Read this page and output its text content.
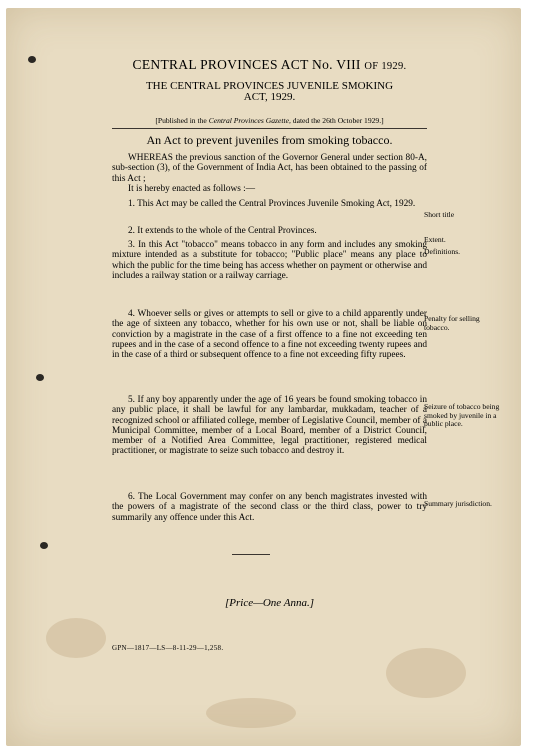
CENTRAL PROVINCES ACT No. VIII OF 1929.
THE CENTRAL PROVINCES JUVENILE SMOKING
ACT, 1929.
[Published in the Central Provinces Gazette, dated the 26th October 1929.]
An Act to prevent juveniles from smoking tobacco.

WHEREAS the previous sanction of the Governor General under section 80-A, sub-section (3), of the Government of India Act, has been obtained to the passing of this Act ;

It is hereby enacted as follows :—

1. This Act may be called the Central Provinces Juvenile Smoking Act, 1929.

2. It extends to the whole of the Central Provinces.

3. In this Act "tobacco" means tobacco in any form and includes any smoking mixture intended as a substitute for tobacco; "Public place" means any place to which the public for the time being has access whether on payment or otherwise and includes a railway station or a railway carriage.

4. Whoever sells or gives or attempts to sell or give to a child apparently under the age of sixteen any tobacco, whether for his own use or not, shall be liable on conviction by a magistrate in the case of a first offence to a fine not exceeding ten rupees and in the case of a second offence to a fine not exceeding twenty rupees and in the case of a third or subsequent offence to a fine not exceeding fifty rupees.

5. If any boy apparently under the age of 16 years be found smoking tobacco in any public place, it shall be lawful for any lambardar, mukkadam, teacher of a recognized school or affiliated college, member of Legislative Council, member of a Municipal Committee, member of a Local Board, member of a District Council, member of a Notified Area Committee, legal practitioner, registered medical practitioner, or magistrate to seize such tobacco and destroy it.

6. The Local Government may confer on any bench magistrates invested with the powers of a magistrate of the second class or the third class, power to try summarily any offence under this Act.

Short title
Extent.
Definitions.
Penalty for selling tobacco.
Seizure of tobacco being smoked by juvenile in a public place.
Summary jurisdiction.
[Price—One Anna.]
GPN—1817—LS—8-11-29—1,258.
